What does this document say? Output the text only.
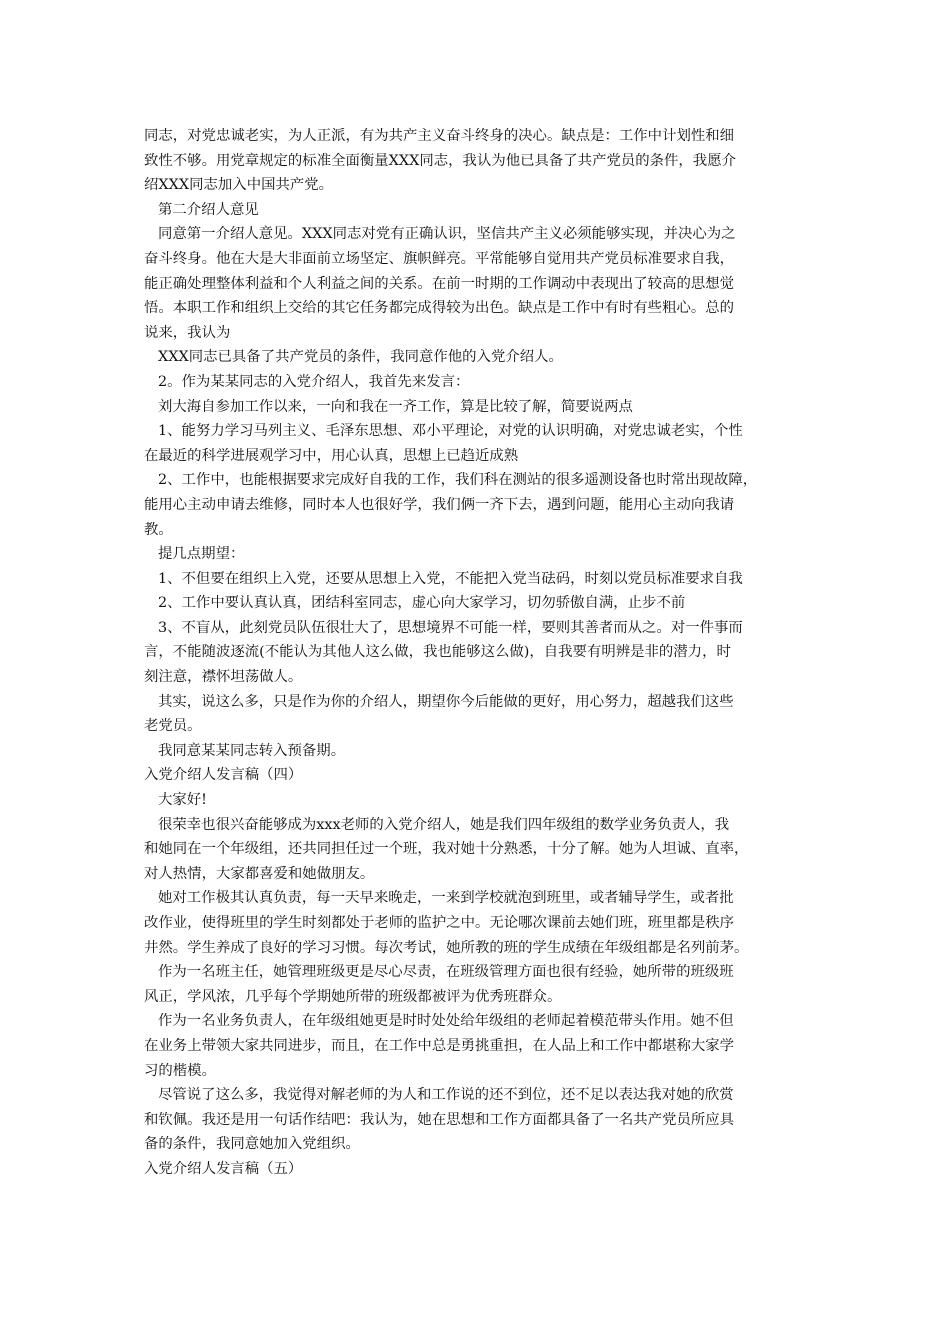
同志，对党忠诚老实，为人正派，有为共产主义奋斗终身的决心。缺点是：工作中计划性和细

致性不够。用党章规定的标准全面衡量XXX同志，我认为他已具备了共产党员的条件，我愿介

绍XXX同志加入中国共产党。

第二介绍人意见

同意第一介绍人意见。XXX同志对党有正确认识，坚信共产主义必须能够实现，并决心为之

奋斗终身。他在大是大非面前立场坚定、旗帜鲜亮。平常能够自觉用共产党员标准要求自我，

能正确处理整体利益和个人利益之间的关系。在前一时期的工作调动中表现出了较高的思想觉

悟。本职工作和组织上交给的其它任务都完成得较为出色。缺点是工作中有时有些粗心。总的

说来，我认为

XXX同志已具备了共产党员的条件，我同意作他的入党介绍人。

2。作为某某同志的入党介绍人，我首先来发言：

刘大海自参加工作以来，一向和我在一齐工作，算是比较了解，简要说两点

1、能努力学习马列主义、毛泽东思想、邓小平理论，对党的认识明确，对党忠诚老实，个性

在最近的科学进展观学习中，用心认真，思想上已趋近成熟

2、工作中，也能根据要求完成好自我的工作，我们科在测站的很多遥测设备也时常出现故障，

能用心主动申请去维修，同时本人也很好学，我们俩一齐下去，遇到问题，能用心主动向我请

教。

提几点期望：

1、不但要在组织上入党，还要从思想上入党，不能把入党当砝码，时刻以党员标准要求自我

2、工作中要认真认真，团结科室同志，虚心向大家学习，切勿骄傲自满，止步不前

3、不盲从，此刻党员队伍很壮大了，思想境界不可能一样，要则其善者而从之。对一件事而

言，不能随波逐流(不能认为其他人这么做，我也能够这么做)，自我要有明辨是非的潜力，时

刻注意，襟怀坦荡做人。

其实，说这么多，只是作为你的介绍人，期望你今后能做的更好，用心努力，超越我们这些

老党员。

我同意某某同志转入预备期。

入党介绍人发言稿（四）

大家好!

很荣幸也很兴奋能够成为xxx老师的入党介绍人，她是我们四年级组的数学业务负责人，我

和她同在一个年级组，还共同担任过一个班，我对她十分熟悉，十分了解。她为人坦诚、直率，

对人热情，大家都喜爱和她做朋友。

她对工作极其认真负责，每一天早来晚走，一来到学校就泡到班里，或者辅导学生，或者批

改作业，使得班里的学生时刻都处于老师的监护之中。无论哪次课前去她们班，班里都是秩序

井然。学生养成了良好的学习习惯。每次考试，她所教的班的学生成绩在年级组都是名列前茅。

作为一名班主任，她管理班级更是尽心尽责，在班级管理方面也很有经验，她所带的班级班

风正，学风浓，几乎每个学期她所带的班级都被评为优秀班群众。

作为一名业务负责人，在年级组她更是时时处处给年级组的老师起着模范带头作用。她不但

在业务上带领大家共同进步，而且，在工作中总是勇挑重担，在人品上和工作中都堪称大家学

习的楷模。

尽管说了这么多，我觉得对解老师的为人和工作说的还不到位，还不足以表达我对她的欣赏

和钦佩。我还是用一句话作结吧：我认为，她在思想和工作方面都具备了一名共产党员所应具

备的条件，我同意她加入党组织。

入党介绍人发言稿（五）
